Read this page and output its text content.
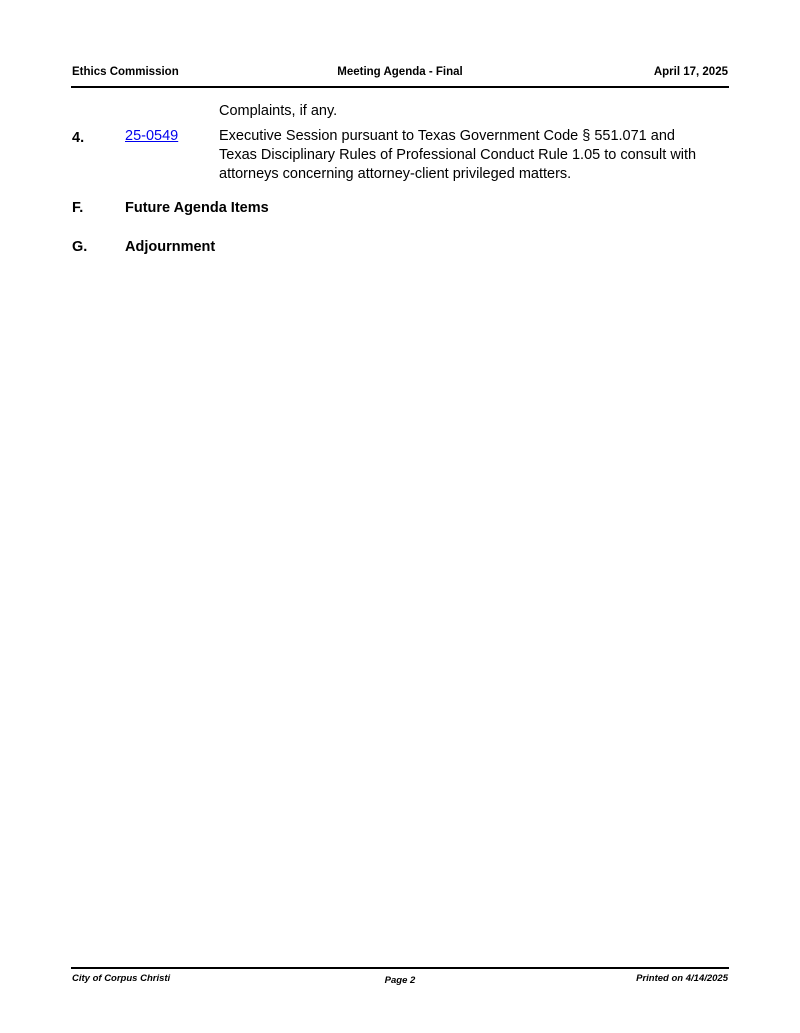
Ethics Commission	Meeting Agenda - Final	April 17, 2025
Complaints, if any.
4.	25-0549	Executive Session pursuant to Texas Government Code § 551.071 and Texas Disciplinary Rules of Professional Conduct Rule 1.05 to consult with attorneys concerning attorney-client privileged matters.
F.	Future Agenda Items
G.	Adjournment
City of Corpus Christi	Page 2	Printed on 4/14/2025
